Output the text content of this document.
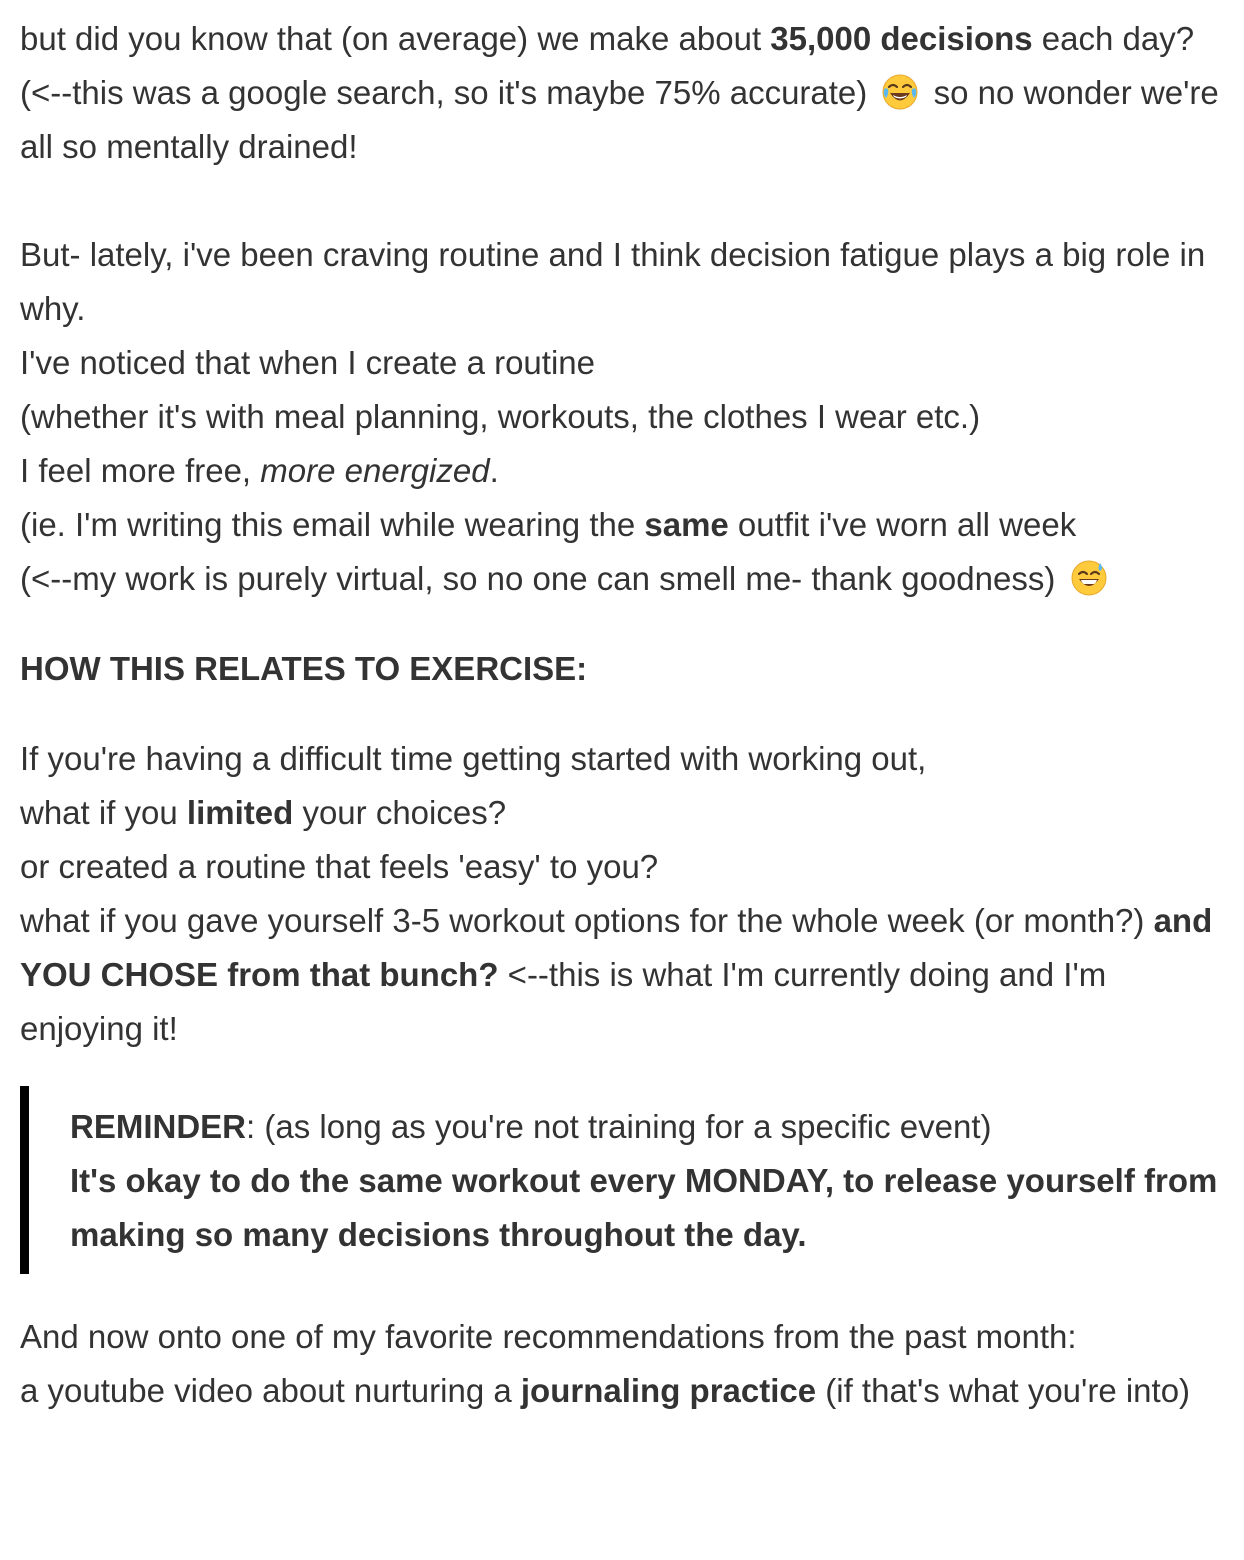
but did you know that (on average) we make about 35,000 decisions each day? (<--this was a google search, so it's maybe 75% accurate)  so no wonder we're all so mentally drained!

But- lately, i've been craving routine and I think decision fatigue plays a big role in why.

I've noticed that when I create a routine

(whether it's with meal planning, workouts, the clothes I wear etc.)

I feel more free, more energized.

(ie. I'm writing this email while wearing the same outfit i've worn all week

(<--my work is purely virtual, so no one can smell me- thank goodness)

HOW THIS RELATES TO EXERCISE:

If you're having a difficult time getting started with working out,

what if you limited your choices?

or created a routine that feels 'easy' to you?

what if you gave yourself 3-5 workout options for the whole week (or month?) and YOU CHOSE from that bunch? <--this is what I'm currently doing and I'm enjoying it!

REMINDER: (as long as you're not training for a specific event)

It's okay to do the same workout every MONDAY, to release yourself from making so many decisions throughout the day.

And now onto one of my favorite recommendations from the past month:

a youtube video about nurturing a journaling practice (if that's what you're into)
